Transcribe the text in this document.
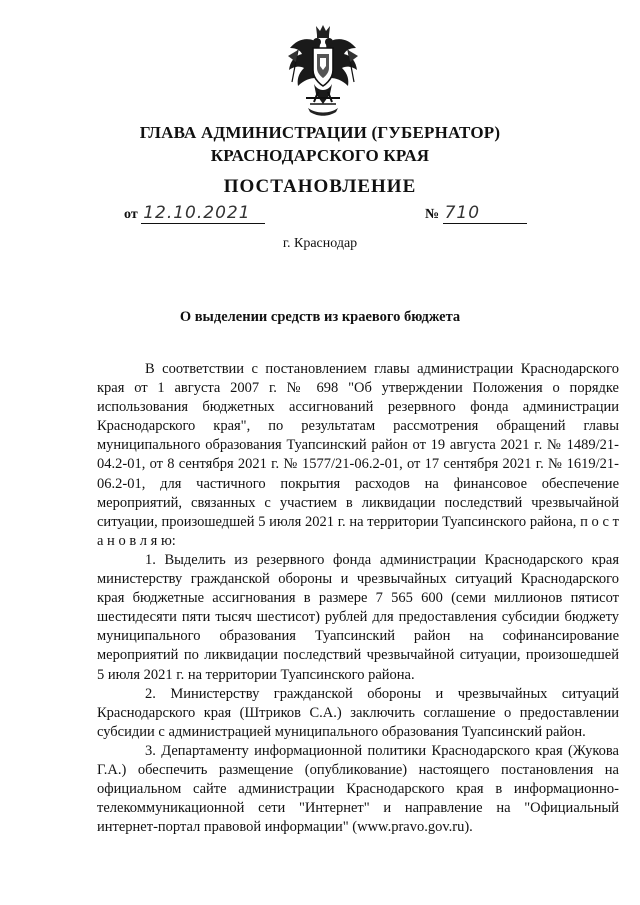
ГЛАВА АДМИНИСТРАЦИИ (ГУБЕРНАТОР)
КРАСНОДАРСКОГО КРАЯ
ПОСТАНОВЛЕНИЕ
от 12.10.2021	№ 710
г. Краснодар
О выделении средств из краевого бюджета

В соответствии с постановлением главы администрации Краснодарского края от 1 августа 2007 г. № 698 "Об утверждении Положения о порядке использования бюджетных ассигнований резервного фонда администрации Краснодарского края", по результатам рассмотрения обращений главы муниципального образования Туапсинский район от 19 августа 2021 г. № 1489/21-04.2-01, от 8 сентября 2021 г. № 1577/21-06.2-01, от 17 сентября 2021 г. № 1619/21-06.2-01, для частичного покрытия расходов на финансовое обеспечение мероприятий, связанных с участием в ликвидации последствий чрезвычайной ситуации, произошедшей 5 июля 2021 г. на территории Туапсинского района, п о с т а н о в л я ю:

1. Выделить из резервного фонда администрации Краснодарского края министерству гражданской обороны и чрезвычайных ситуаций Краснодарского края бюджетные ассигнования в размере 7 565 600 (семи миллионов пятисот шестидесяти пяти тысяч шестисот) рублей для предоставления субсидии бюджету муниципального образования Туапсинский район на софинансирование мероприятий по ликвидации последствий чрезвычайной ситуации, произошедшей 5 июля 2021 г. на территории Туапсинского района.

2. Министерству гражданской обороны и чрезвычайных ситуаций Краснодарского края (Штриков С.А.) заключить соглашение о предоставлении субсидии с администрацией муниципального образования Туапсинский район.

3. Департаменту информационной политики Краснодарского края (Жукова Г.А.) обеспечить размещение (опубликование) настоящего постановления на официальном сайте администрации Краснодарского края в информационно-телекоммуникационной сети "Интернет" и направление на "Официальный интернет-портал правовой информации" (www.pravo.gov.ru).
